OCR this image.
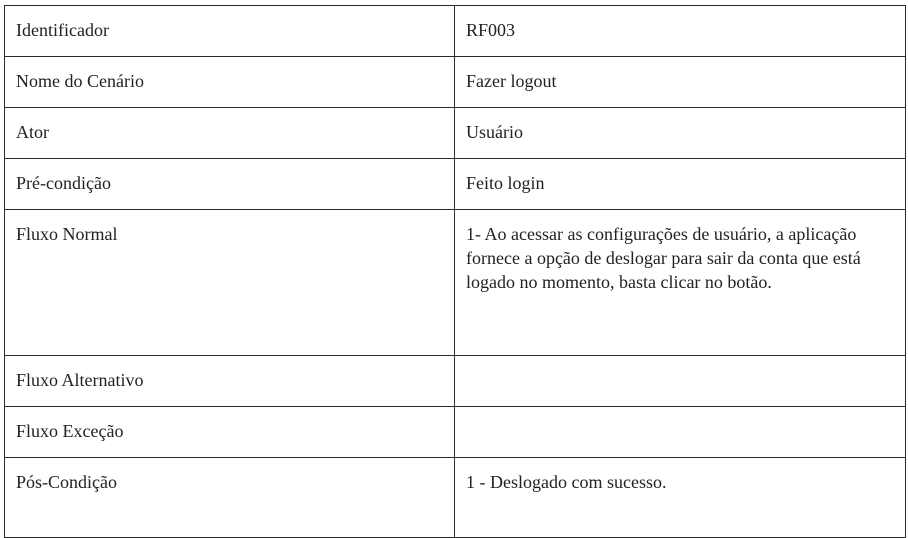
Identificador	RF003
Nome do Cenário	Fazer logout
Ator	Usuário
Pré-condição	Feito login
Fluxo Normal	1- Ao acessar as configurações de usuário, a aplicação fornece a opção de deslogar para sair da conta que está logado no momento, basta clicar no botão.
Fluxo Alternativo	
Fluxo Exceção	
Pós-Condição	1 - Deslogado com sucesso.
